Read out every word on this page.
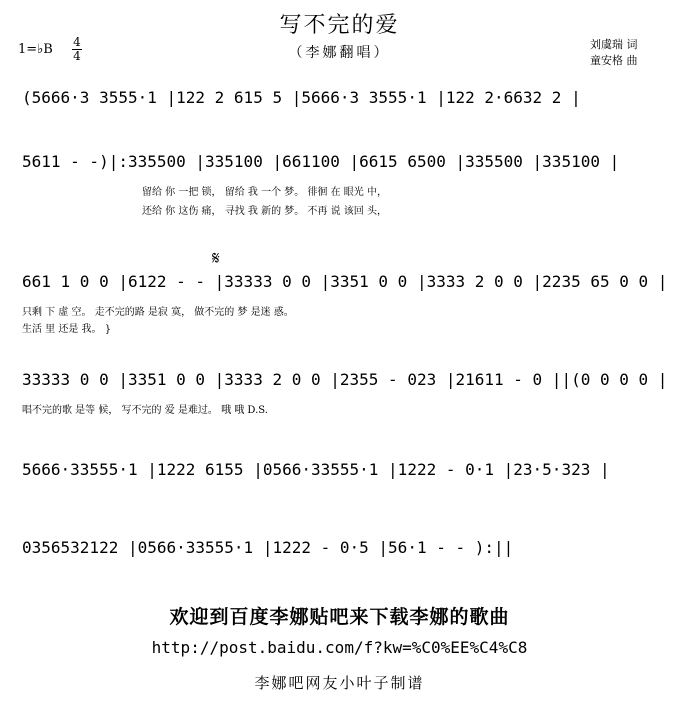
写不完的爱
（李娜翻唱）
1=♭B 4
4
刘虞瑞 词
童安格 曲
(5666·3 3555·1 |122 2 615 5 |5666·3 3555·1 |122 2·6632 2 |
5611 - -)|:335500 |335100 |661100 |6615 6500 |335500 |335100 |
留给 你 一把 锁， 留给 我 一个 梦。 徘徊 在 眼光 中，
还给 你 这伤 痛， 寻找 我 新的 梦。 不再 说 该回 头，
𝄋
661 1 0 0 |6122 - - |33333 0 0 |3351 0 0 |3333 2 0 0 |2235 65 0 0 |
只剩 下 虚 空。 走不完的路 是寂 寞， 做不完的 梦 是迷 惑。
生活 里 还是 我。 }
33333 0 0 |3351 0 0 |3333 2 0 0 |2355 - 023 |21611 - 0 ||(0 0 0 0 |
唱不完的歌 是等 候， 写不完的 爱 是难过。 哦 哦 D.S.
5666·33555·1 |1222 6155 |0566·33555·1 |1222 - 0·1 |23·5·323 |
0356532122 |0566·33555·1 |1222 - 0·5 |56·1 - - ):||
欢迎到百度李娜贴吧来下载李娜的歌曲
http://post.baidu.com/f?kw=%C0%EE%C4%C8
李娜吧网友小叶子制谱
